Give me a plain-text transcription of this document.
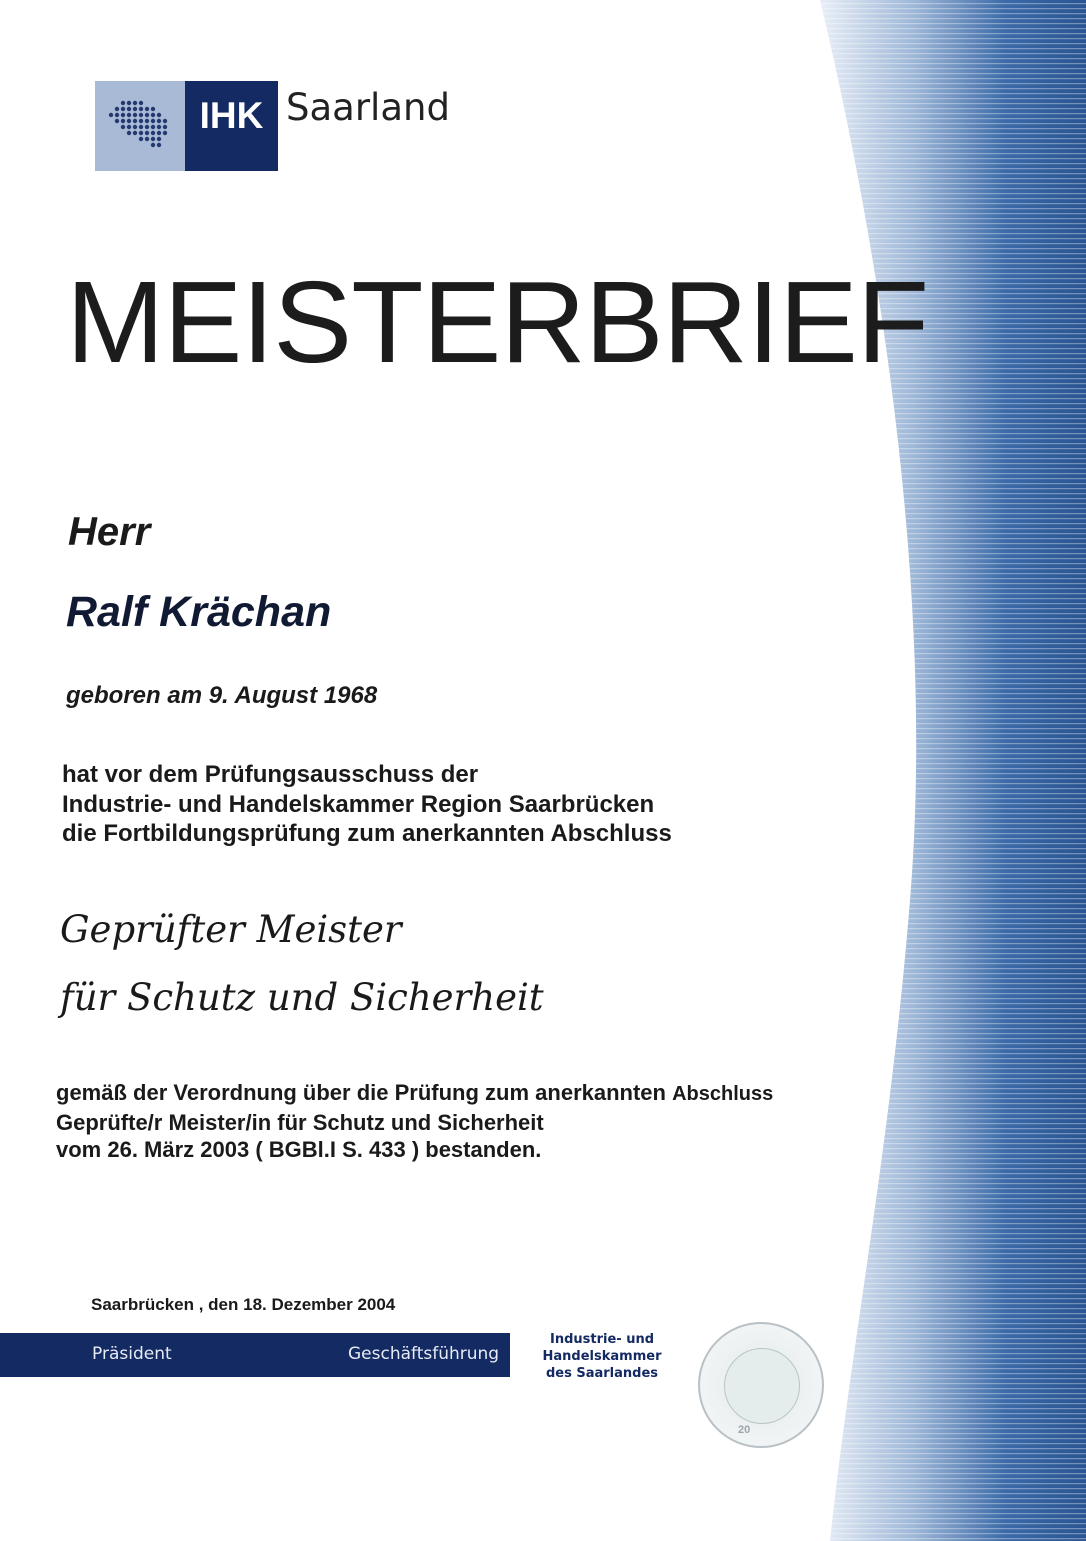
IHK Saarland
MEISTERBRIEF
Herr
Ralf Krächan
geboren am 9. August 1968
hat vor dem Prüfungsausschuss der
Industrie- und Handelskammer Region Saarbrücken
die Fortbildungsprüfung zum anerkannten Abschluss
Geprüfter Meister
für Schutz und Sicherheit
gemäß der Verordnung über die Prüfung zum anerkannten Abschluss
Geprüfte/r Meister/in für Schutz und Sicherheit
vom 26. März 2003 ( BGBl.I S. 433 ) bestanden.
Saarbrücken , den 18. Dezember 2004
Präsident	Geschäftsführung
Industrie- und
Handelskammer
des Saarlandes
20
